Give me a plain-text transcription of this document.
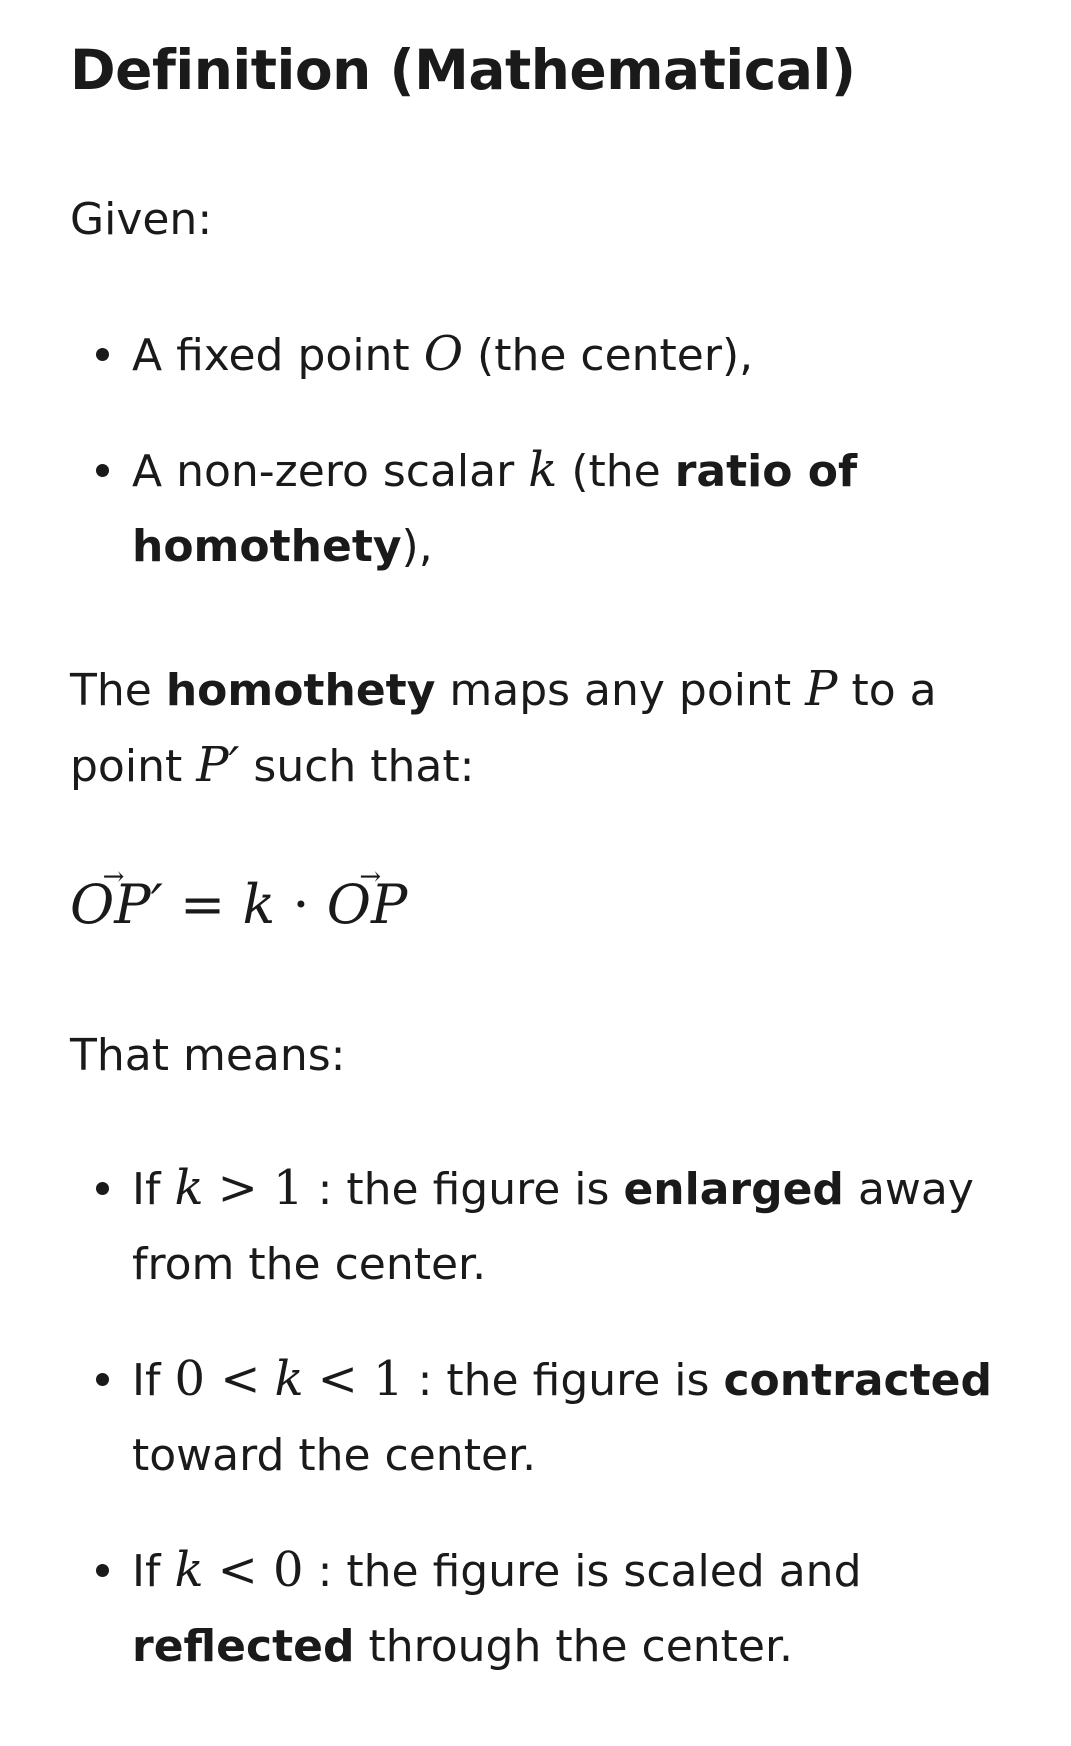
Definition (Mathematical)

Given:

A fixed point O (the center),
A non-zero scalar k (the ratio of homothety),

The homothety maps any point P to a point P′ such that:

OP →′ = k · OP →

That means:

If k > 1 : the figure is enlarged away from the center.
If 0 < k < 1 : the figure is contracted toward the center.
If k < 0 : the figure is scaled and reflected through the center.
